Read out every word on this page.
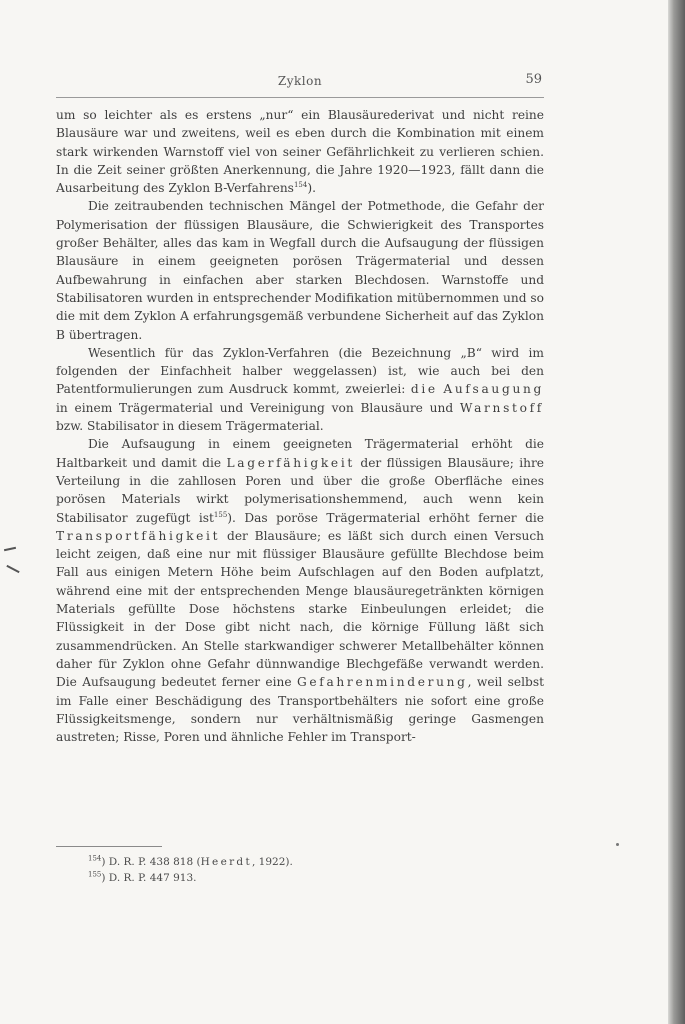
Zyklon	59

um so leichter als es erstens „nur“ ein Blausäurederivat und nicht reine Blausäure war und zweitens, weil es eben durch die Kombination mit einem stark wirkenden Warnstoff viel von seiner Gefährlichkeit zu verlieren schien. In die Zeit seiner größten Anerkennung, die Jahre 1920—1923, fällt dann die Ausarbeitung des Zyklon B-Verfahrens$^{154}$).

Die zeitraubenden technischen Mängel der Potmethode, die Gefahr der Polymerisation der flüssigen Blausäure, die Schwierigkeit des Transportes großer Behälter, alles das kam in Wegfall durch die Aufsaugung der flüssigen Blausäure in einem geeigneten porösen Trägermaterial und dessen Aufbewahrung in einfachen aber starken Blechdosen. Warnstoffe und Stabilisatoren wurden in entsprechender Modifikation mitübernommen und so die mit dem Zyklon A erfahrungsgemäß verbundene Sicherheit auf das Zyklon B übertragen.

Wesentlich für das Zyklon-Verfahren (die Bezeichnung „B“ wird im folgenden der Einfachheit halber weggelassen) ist, wie auch bei den Patentformulierungen zum Ausdruck kommt, zweierlei: die Aufsaugung in einem Trägermaterial und Vereinigung von Blausäure und Warnstoff bzw. Stabilisator in diesem Trägermaterial.

Die Aufsaugung in einem geeigneten Trägermaterial erhöht die Haltbarkeit und damit die Lagerfähigkeit der flüssigen Blausäure; ihre Verteilung in die zahllosen Poren und über die große Oberfläche eines porösen Materials wirkt polymerisationshemmend, auch wenn kein Stabilisator zugefügt ist$^{155}$). Das poröse Trägermaterial erhöht ferner die Transportfähigkeit der Blausäure; es läßt sich durch einen Versuch leicht zeigen, daß eine nur mit flüssiger Blausäure gefüllte Blechdose beim Fall aus einigen Metern Höhe beim Aufschlagen auf den Boden aufplatzt, während eine mit der entsprechenden Menge blausäuregetränkten körnigen Materials gefüllte Dose höchstens starke Einbeulungen erleidet; die Flüssigkeit in der Dose gibt nicht nach, die körnige Füllung läßt sich zusammendrücken. An Stelle starkwandiger schwerer Metallbehälter können daher für Zyklon ohne Gefahr dünnwandige Blechgefäße verwandt werden. Die Aufsaugung bedeutet ferner eine Gefahrenminderung, weil selbst im Falle einer Beschädigung des Transportbehälters nie sofort eine große Flüssigkeitsmenge, sondern nur verhältnismäßig geringe Gasmengen austreten; Risse, Poren und ähnliche Fehler im Transport-

$^{154}$) D. R. P. 438 818 (Heerdt, 1922).
$^{155}$) D. R. P. 447 913.
